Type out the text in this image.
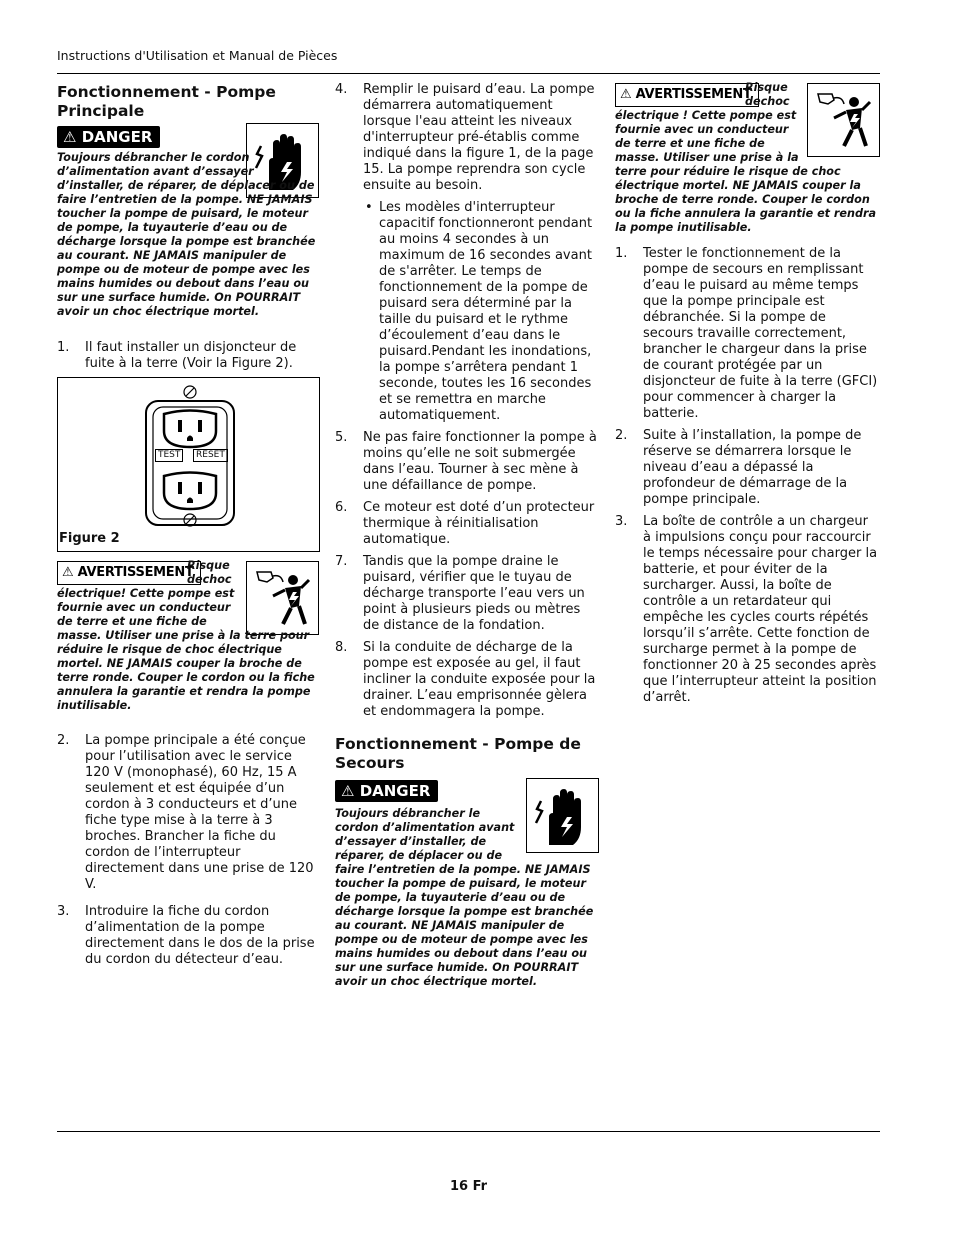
Instructions d'Utilisation et Manual de Pièces
Fonctionnement - Pompe Principale
⚠ DANGER
Toujours débrancher le cordon d’alimentation avant d’essayer d’installer, de réparer, de déplacer ou de faire l’entretien de la pompe. NE JAMAIS toucher la pompe de puisard, le moteur de pompe, la tuyauterie d’eau ou de décharge lorsque la pompe est branchée au courant. NE JAMAIS manipuler de pompe ou de moteur de pompe avec les mains humides ou debout dans l’eau ou sur une surface humide. On POURRAIT avoir un choc électrique mortel.
1. Il faut installer un disjoncteur de fuite à la terre (Voir la Figure 2).
TEST	RESET
Figure 2
⚠ AVERTISSEMENT
Risque dechoc électrique! Cette pompe est fournie avec un conducteur de terre et une fiche de masse. Utiliser une prise à la terre pour réduire le risque de choc électrique mortel. NE JAMAIS couper la broche de terre ronde. Couper le cordon ou la fiche annulera la garantie et rendra la pompe inutilisable.
2. La pompe principale a été conçue pour l’utilisation avec le service 120 V (monophasé), 60 Hz, 15 A seulement et est équipée d’un cordon à 3 conducteurs et d’une fiche type mise à la terre à 3 broches. Brancher la fiche du cordon de l’interrupteur directement dans une prise de 120 V.
3. Introduire la fiche du cordon d’alimentation de la pompe directement dans le dos de la prise du cordon du détecteur d’eau.
4. Remplir le puisard d’eau. La pompe démarrera automatiquement lorsque l'eau atteint les niveaux d'interrupteur pré-établis comme indiqué dans la figure 1, de la page 15. La pompe reprendra son cycle ensuite au besoin.
• Les modèles d'interrupteur capacitif fonctionneront pendant au moins 4 secondes à un maximum de 16 secondes avant de s'arrêter. Le temps de fonctionnement de la pompe de puisard sera déterminé par la taille du puisard et le rythme d’écoulement d’eau dans le puisard.Pendant les inondations, la pompe s’arrêtera pendant 1 seconde, toutes les 16 secondes et se remettra en marche automatiquement.
5. Ne pas faire fonctionner la pompe à moins qu’elle ne soit submergée dans l’eau. Tourner à sec mène à une défaillance de pompe.
6. Ce moteur est doté d’un protecteur thermique à réinitialisation automatique.
7. Tandis que la pompe draine le puisard, vérifier que le tuyau de décharge transporte l’eau vers un point à plusieurs pieds ou mètres de distance de la fondation.
8. Si la conduite de décharge de la pompe est exposée au gel, il faut incliner la conduite exposée pour la drainer. L’eau emprisonnée gèlera et endommagera la pompe.
Fonctionnement - Pompe de Secours
⚠ DANGER
Toujours débrancher le cordon d’alimentation avant d’essayer d’installer, de réparer, de déplacer ou de faire l’entretien de la pompe. NE JAMAIS toucher la pompe de puisard, le moteur de pompe, la tuyauterie d’eau ou de décharge lorsque la pompe est branchée au courant. NE JAMAIS manipuler de pompe ou de moteur de pompe avec les mains humides ou debout dans l’eau ou sur une surface humide. On POURRAIT avoir un choc électrique mortel.
⚠ AVERTISSEMENT
Risque dechoc électrique ! Cette pompe est fournie avec un conducteur de terre et une fiche de masse. Utiliser une prise à la terre pour réduire le risque de choc électrique mortel. NE JAMAIS couper la broche de terre ronde. Couper le cordon ou la fiche annulera la garantie et rendra la pompe inutilisable.
1. Tester le fonctionnement de la pompe de secours en remplissant d’eau le puisard au même temps que la pompe principale est débranchée. Si la pompe de secours travaille correctement, brancher le chargeur dans la prise de courant protégée par un disjoncteur de fuite à la terre (GFCI) pour commencer à charger la batterie.
2. Suite à l’installation, la pompe de réserve se démarrera lorsque le niveau d’eau a dépassé la profondeur de démarrage de la pompe principale.
3. La boîte de contrôle a un chargeur à impulsions conçu pour raccourcir le temps nécessaire pour charger la batterie, et pour éviter de la surcharger. Aussi, la boîte de contrôle a un retardateur qui empêche les cycles courts répétés lorsqu’il s’arrête. Cette fonction de surcharge permet à la pompe de fonctionner 20 à 25 secondes après que l’interrupteur atteint la position d’arrêt.
16 Fr
